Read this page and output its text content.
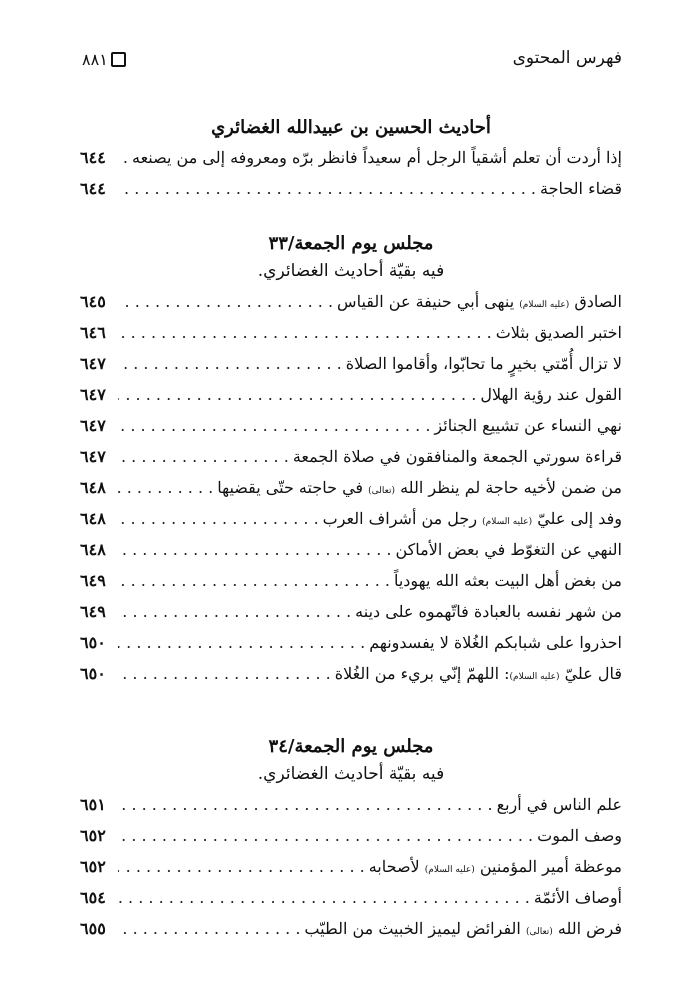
فهرس المحتوى
٨٨١
أحاديث الحسين بن عبيدالله الغضائري
إذا أردت أن تعلم أشقياً الرجل أم سعيداً فانظر برّه ومعروفه إلى من يصنعه
. . .
٦٤٤
قضاء الحاجة
. . .
٦٤٤
مجلس يوم الجمعة/٣٣
فيه بقيّة أحاديث الغضائري.
الصادق (عليه السلام) ينهى أبي حنيفة عن القياس
. . .
٦٤٥
اختبر الصديق بثلاث
. . .
٦٤٦
لا تزال أُمّتي بخيرٍ ما تحابّوا، وأقاموا الصلاة
. . .
٦٤٧
القول عند رؤية الهلال
. . .
٦٤٧
نهي النساء عن تشييع الجنائز
. . .
٦٤٧
قراءة سورتي الجمعة والمنافقون في صلاة الجمعة
. . .
٦٤٧
من ضمن لأخيه حاجة لم ينظر الله (تعالى) في حاجته حتّى يقضيها
. . .
٦٤٨
وفد إلى عليّ (عليه السلام) رجل من أشراف العرب
. . .
٦٤٨
النهي عن التغوّط في بعض الأماكن
. . .
٦٤٨
من بغض أهل البيت بعثه الله يهودياً
. . .
٦٤٩
من شهر نفسه بالعبادة فاتّهموه على دينه
. . .
٦٤٩
احذروا على شبابكم الغُلاة لا يفسدونهم
. . .
٦٥٠
قال عليّ (عليه السلام): اللهمّ إنّي بريء من الغُلاة
. . .
٦٥٠
مجلس يوم الجمعة/٣٤
فيه بقيّة أحاديث الغضائري.
علم الناس في أربع
. . .
٦٥١
وصف الموت
. . .
٦٥٢
موعظة أمير المؤمنين (عليه السلام) لأصحابه
. . .
٦٥٢
أوصاف الأئمّة
. . .
٦٥٤
فرض الله (تعالى) الفرائض ليميز الخبيث من الطيّب
. . .
٦٥٥
